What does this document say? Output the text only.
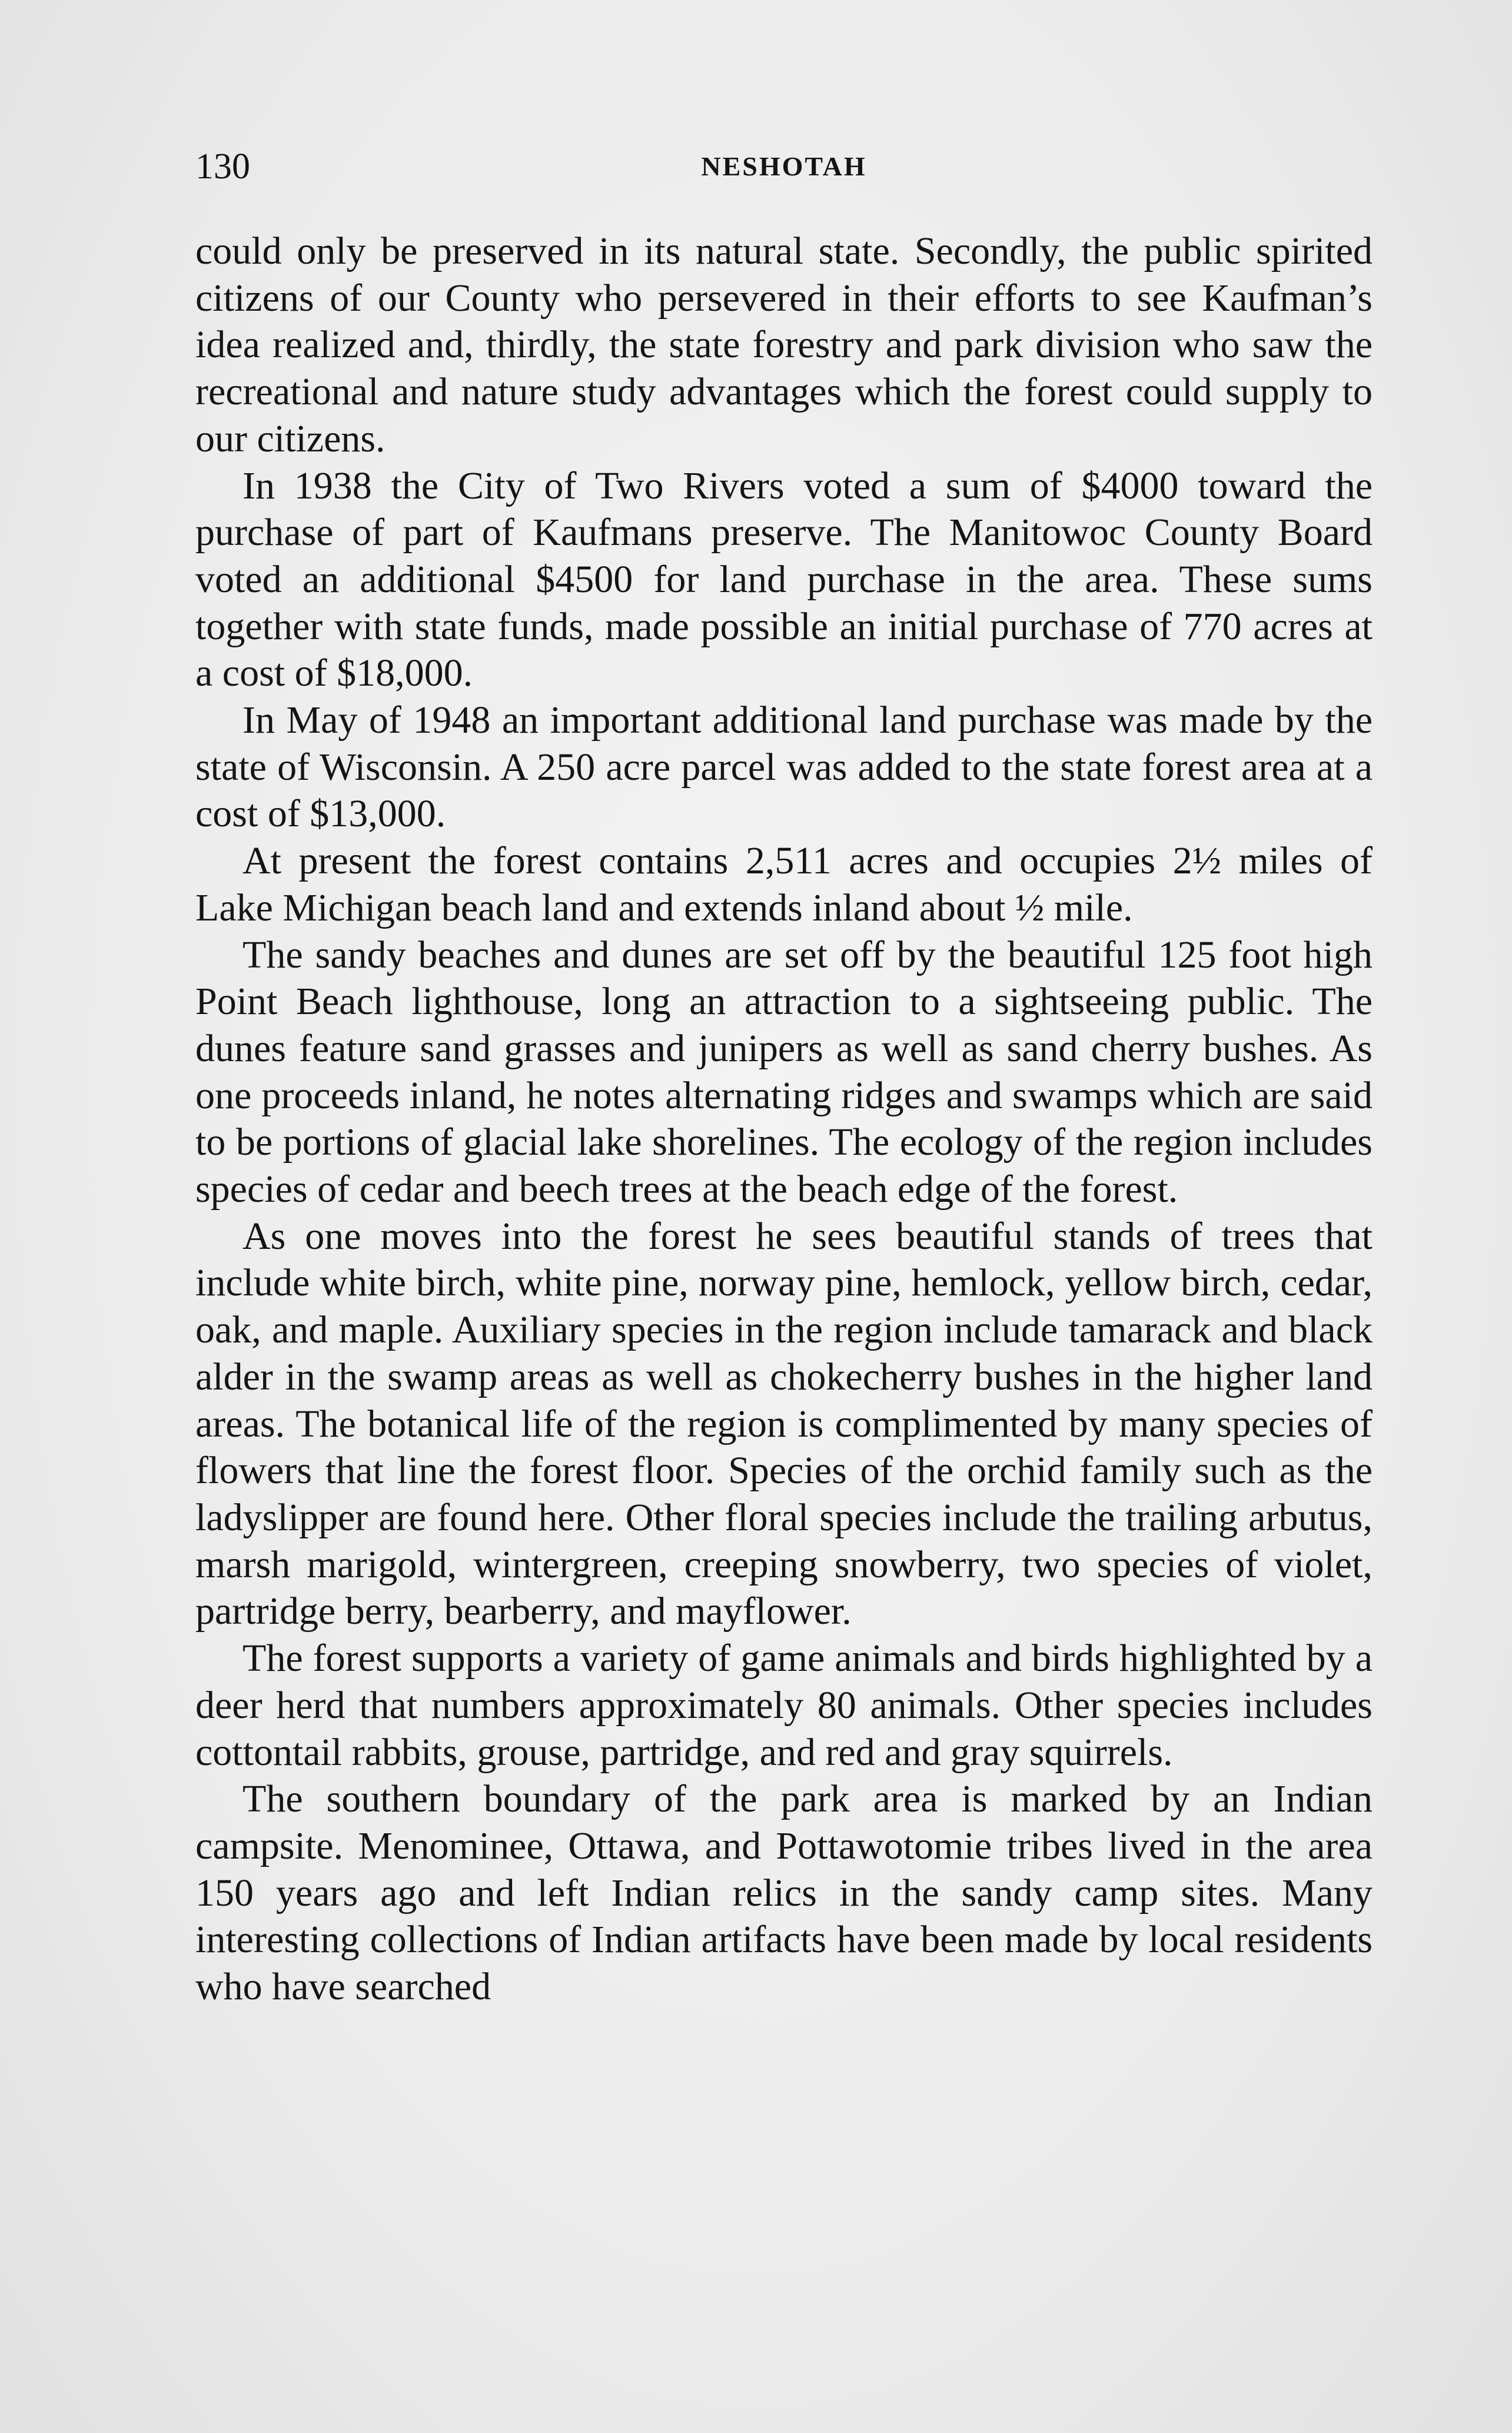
130	NESHOTAH

could only be preserved in its natural state. Secondly, the public spirited citizens of our County who persevered in their efforts to see Kaufman’s idea realized and, thirdly, the state forestry and park division who saw the recreational and nature study advantages which the forest could supply to our citizens.

In 1938 the City of Two Rivers voted a sum of $4000 toward the purchase of part of Kaufmans preserve. The Manitowoc County Board voted an additional $4500 for land purchase in the area. These sums together with state funds, made possible an initial purchase of 770 acres at a cost of $18,000.

In May of 1948 an important additional land purchase was made by the state of Wisconsin. A 250 acre parcel was added to the state forest area at a cost of $13,000.

At present the forest contains 2,511 acres and occupies 2½ miles of Lake Michigan beach land and extends inland about ½ mile.

The sandy beaches and dunes are set off by the beautiful 125 foot high Point Beach lighthouse, long an attraction to a sightseeing public. The dunes feature sand grasses and junipers as well as sand cherry bushes. As one proceeds inland, he notes alternating ridges and swamps which are said to be portions of glacial lake shorelines. The ecology of the region includes species of cedar and beech trees at the beach edge of the forest.

As one moves into the forest he sees beautiful stands of trees that include white birch, white pine, norway pine, hemlock, yellow birch, cedar, oak, and maple. Auxiliary species in the region include tamarack and black alder in the swamp areas as well as chokecherry bushes in the higher land areas. The botanical life of the region is complimented by many species of flowers that line the forest floor. Species of the orchid family such as the ladyslipper are found here. Other floral species include the trailing arbutus, marsh marigold, wintergreen, creeping snowberry, two species of violet, partridge berry, bearberry, and mayflower.

The forest supports a variety of game animals and birds highlighted by a deer herd that numbers approximately 80 animals. Other species includes cottontail rabbits, grouse, partridge, and red and gray squirrels.

The southern boundary of the park area is marked by an Indian campsite. Menominee, Ottawa, and Pottawotomie tribes lived in the area 150 years ago and left Indian relics in the sandy camp sites. Many interesting collections of Indian artifacts have been made by local residents who have searched
